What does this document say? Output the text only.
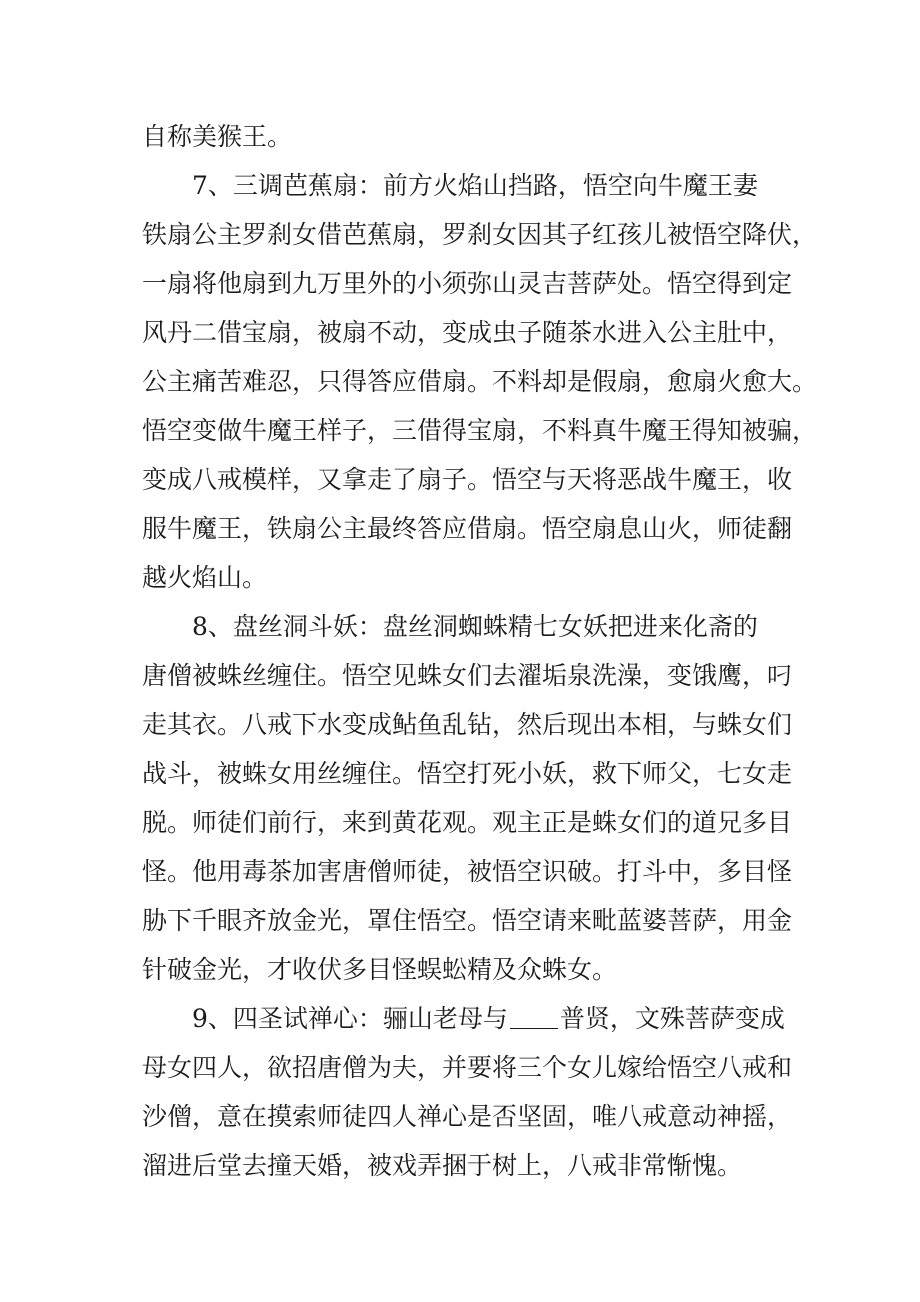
自称美猴王。

7、三调芭蕉扇：前方火焰山挡路，悟空向牛魔王妻

铁扇公主罗刹女借芭蕉扇，罗刹女因其子红孩儿被悟空降伏，

一扇将他扇到九万里外的小须弥山灵吉菩萨处。悟空得到定

风丹二借宝扇，被扇不动，变成虫子随茶水进入公主肚中，

公主痛苦难忍，只得答应借扇。不料却是假扇，愈扇火愈大。

悟空变做牛魔王样子，三借得宝扇，不料真牛魔王得知被骗，

变成八戒模样，又拿走了扇子。悟空与天将恶战牛魔王，收

服牛魔王，铁扇公主最终答应借扇。悟空扇息山火，师徒翻

越火焰山。

8、盘丝洞斗妖：盘丝洞蜘蛛精七女妖把进来化斋的

唐僧被蛛丝缠住。悟空见蛛女们去濯垢泉洗澡，变饿鹰，叼

走其衣。八戒下水变成鲇鱼乱钻，然后现出本相，与蛛女们

战斗，被蛛女用丝缠住。悟空打死小妖，救下师父，七女走

脱。师徒们前行，来到黄花观。观主正是蛛女们的道兄多目

怪。他用毒茶加害唐僧师徒，被悟空识破。打斗中，多目怪

胁下千眼齐放金光，罩住悟空。悟空请来毗蓝婆菩萨，用金

针破金光，才收伏多目怪蜈蚣精及众蛛女。

9、四圣试禅心：骊山老母与 普贤，文殊菩萨变成

母女四人，欲招唐僧为夫，并要将三个女儿嫁给悟空八戒和

沙僧，意在摸索师徒四人禅心是否坚固，唯八戒意动神摇，

溜进后堂去撞天婚，被戏弄捆于树上，八戒非常惭愧。
